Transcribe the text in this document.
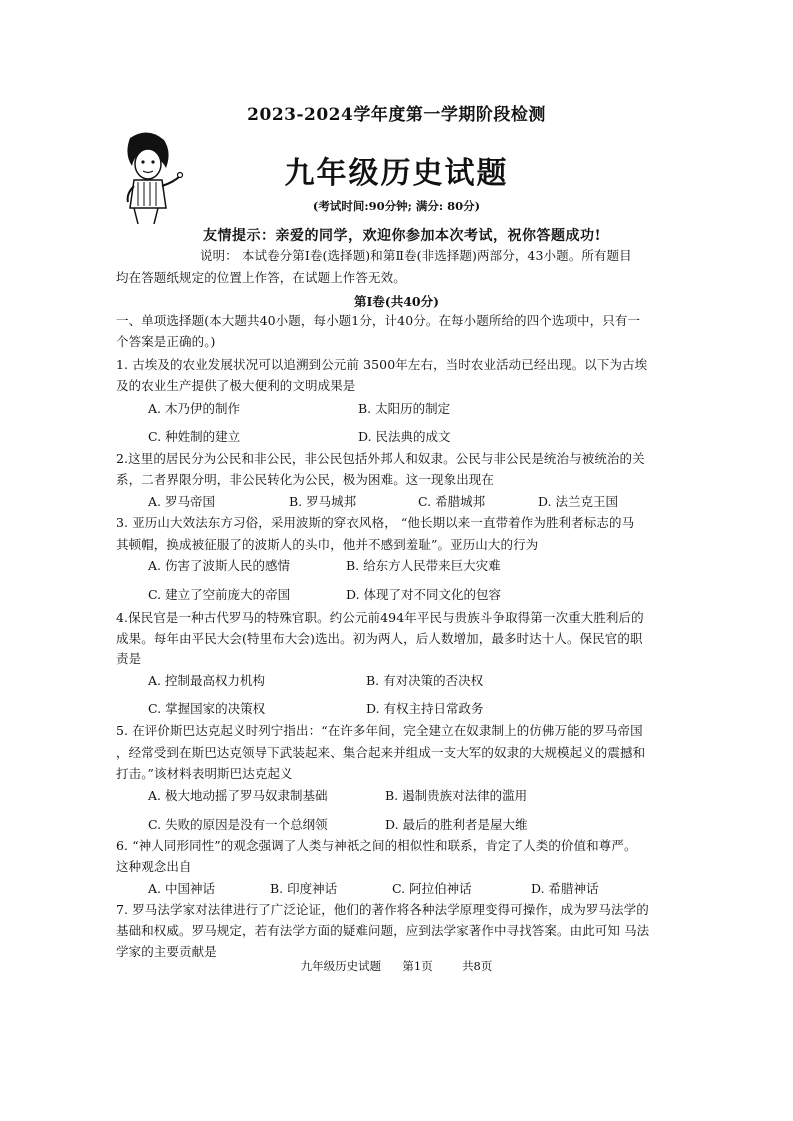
2023-2024学年度第一学期阶段检测
九年级历史试题
(考试时间:90分钟; 满分: 80分)
友情提示：亲爱的同学，欢迎你参加本次考试，祝你答题成功!
说明： 本试卷分第Ⅰ卷(选择题)和第Ⅱ卷(非选择题)两部分，43小题。所有题目
均在答题纸规定的位置上作答，在试题上作答无效。
第Ⅰ卷(共40分)
一、单项选择题(本大题共40小题，每小题1分，计40分。在每小题所给的四个选项中，只有一
个答案是正确的。)
1. 古埃及的农业发展状况可以追溯到公元前 3500年左右，当时农业活动已经出现。以下为古埃
及的农业生产提供了极大便利的文明成果是
A. 木乃伊的制作	B. 太阳历的制定
C. 种姓制的建立	D. 民法典的成文
2.这里的居民分为公民和非公民，非公民包括外邦人和奴隶。公民与非公民是统治与被统治的关
系，二者界限分明，非公民转化为公民，极为困难。这一现象出现在
A. 罗马帝国	B. 罗马城邦	C. 希腊城邦	D. 法兰克王国
3. 亚历山大效法东方习俗，采用波斯的穿衣风格， “他长期以来一直带着作为胜利者标志的马
其顿帽，换成被征服了的波斯人的头巾，他并不感到羞耻”。亚历山大的行为
A. 伤害了波斯人民的感情	B. 给东方人民带来巨大灾难
C. 建立了空前庞大的帝国	D. 体现了对不同文化的包容
4.保民官是一种古代罗马的特殊官职。约公元前494年平民与贵族斗争取得第一次重大胜利后的
成果。每年由平民大会(特里布大会)选出。初为两人，后人数增加，最多时达十人。保民官的职
责是
A. 控制最高权力机构	B. 有对决策的否决权
C. 掌握国家的决策权	D. 有权主持日常政务
5. 在评价斯巴达克起义时列宁指出：“在许多年间，完全建立在奴隶制上的仿佛万能的罗马帝国
，经常受到在斯巴达克领导下武装起来、集合起来并组成一支大军的奴隶的大规模起义的震撼和
打击。”该材料表明斯巴达克起义
A. 极大地动摇了罗马奴隶制基础	B. 遏制贵族对法律的滥用
C. 失败的原因是没有一个总纲领	D. 最后的胜利者是屋大维
6. “神人同形同性”的观念强调了人类与神祇之间的相似性和联系，肯定了人类的价值和尊严。
这种观念出自
A. 中国神话	B. 印度神话	C. 阿拉伯神话	D. 希腊神话
7. 罗马法学家对法律进行了广泛论证，他们的著作将各种法学原理变得可操作，成为罗马法学的
基础和权威。罗马规定，若有法学方面的疑难问题，应到法学家著作中寻找答案。由此可知 马法
学家的主要贡献是
九年级历史试题 第1页	共8页
